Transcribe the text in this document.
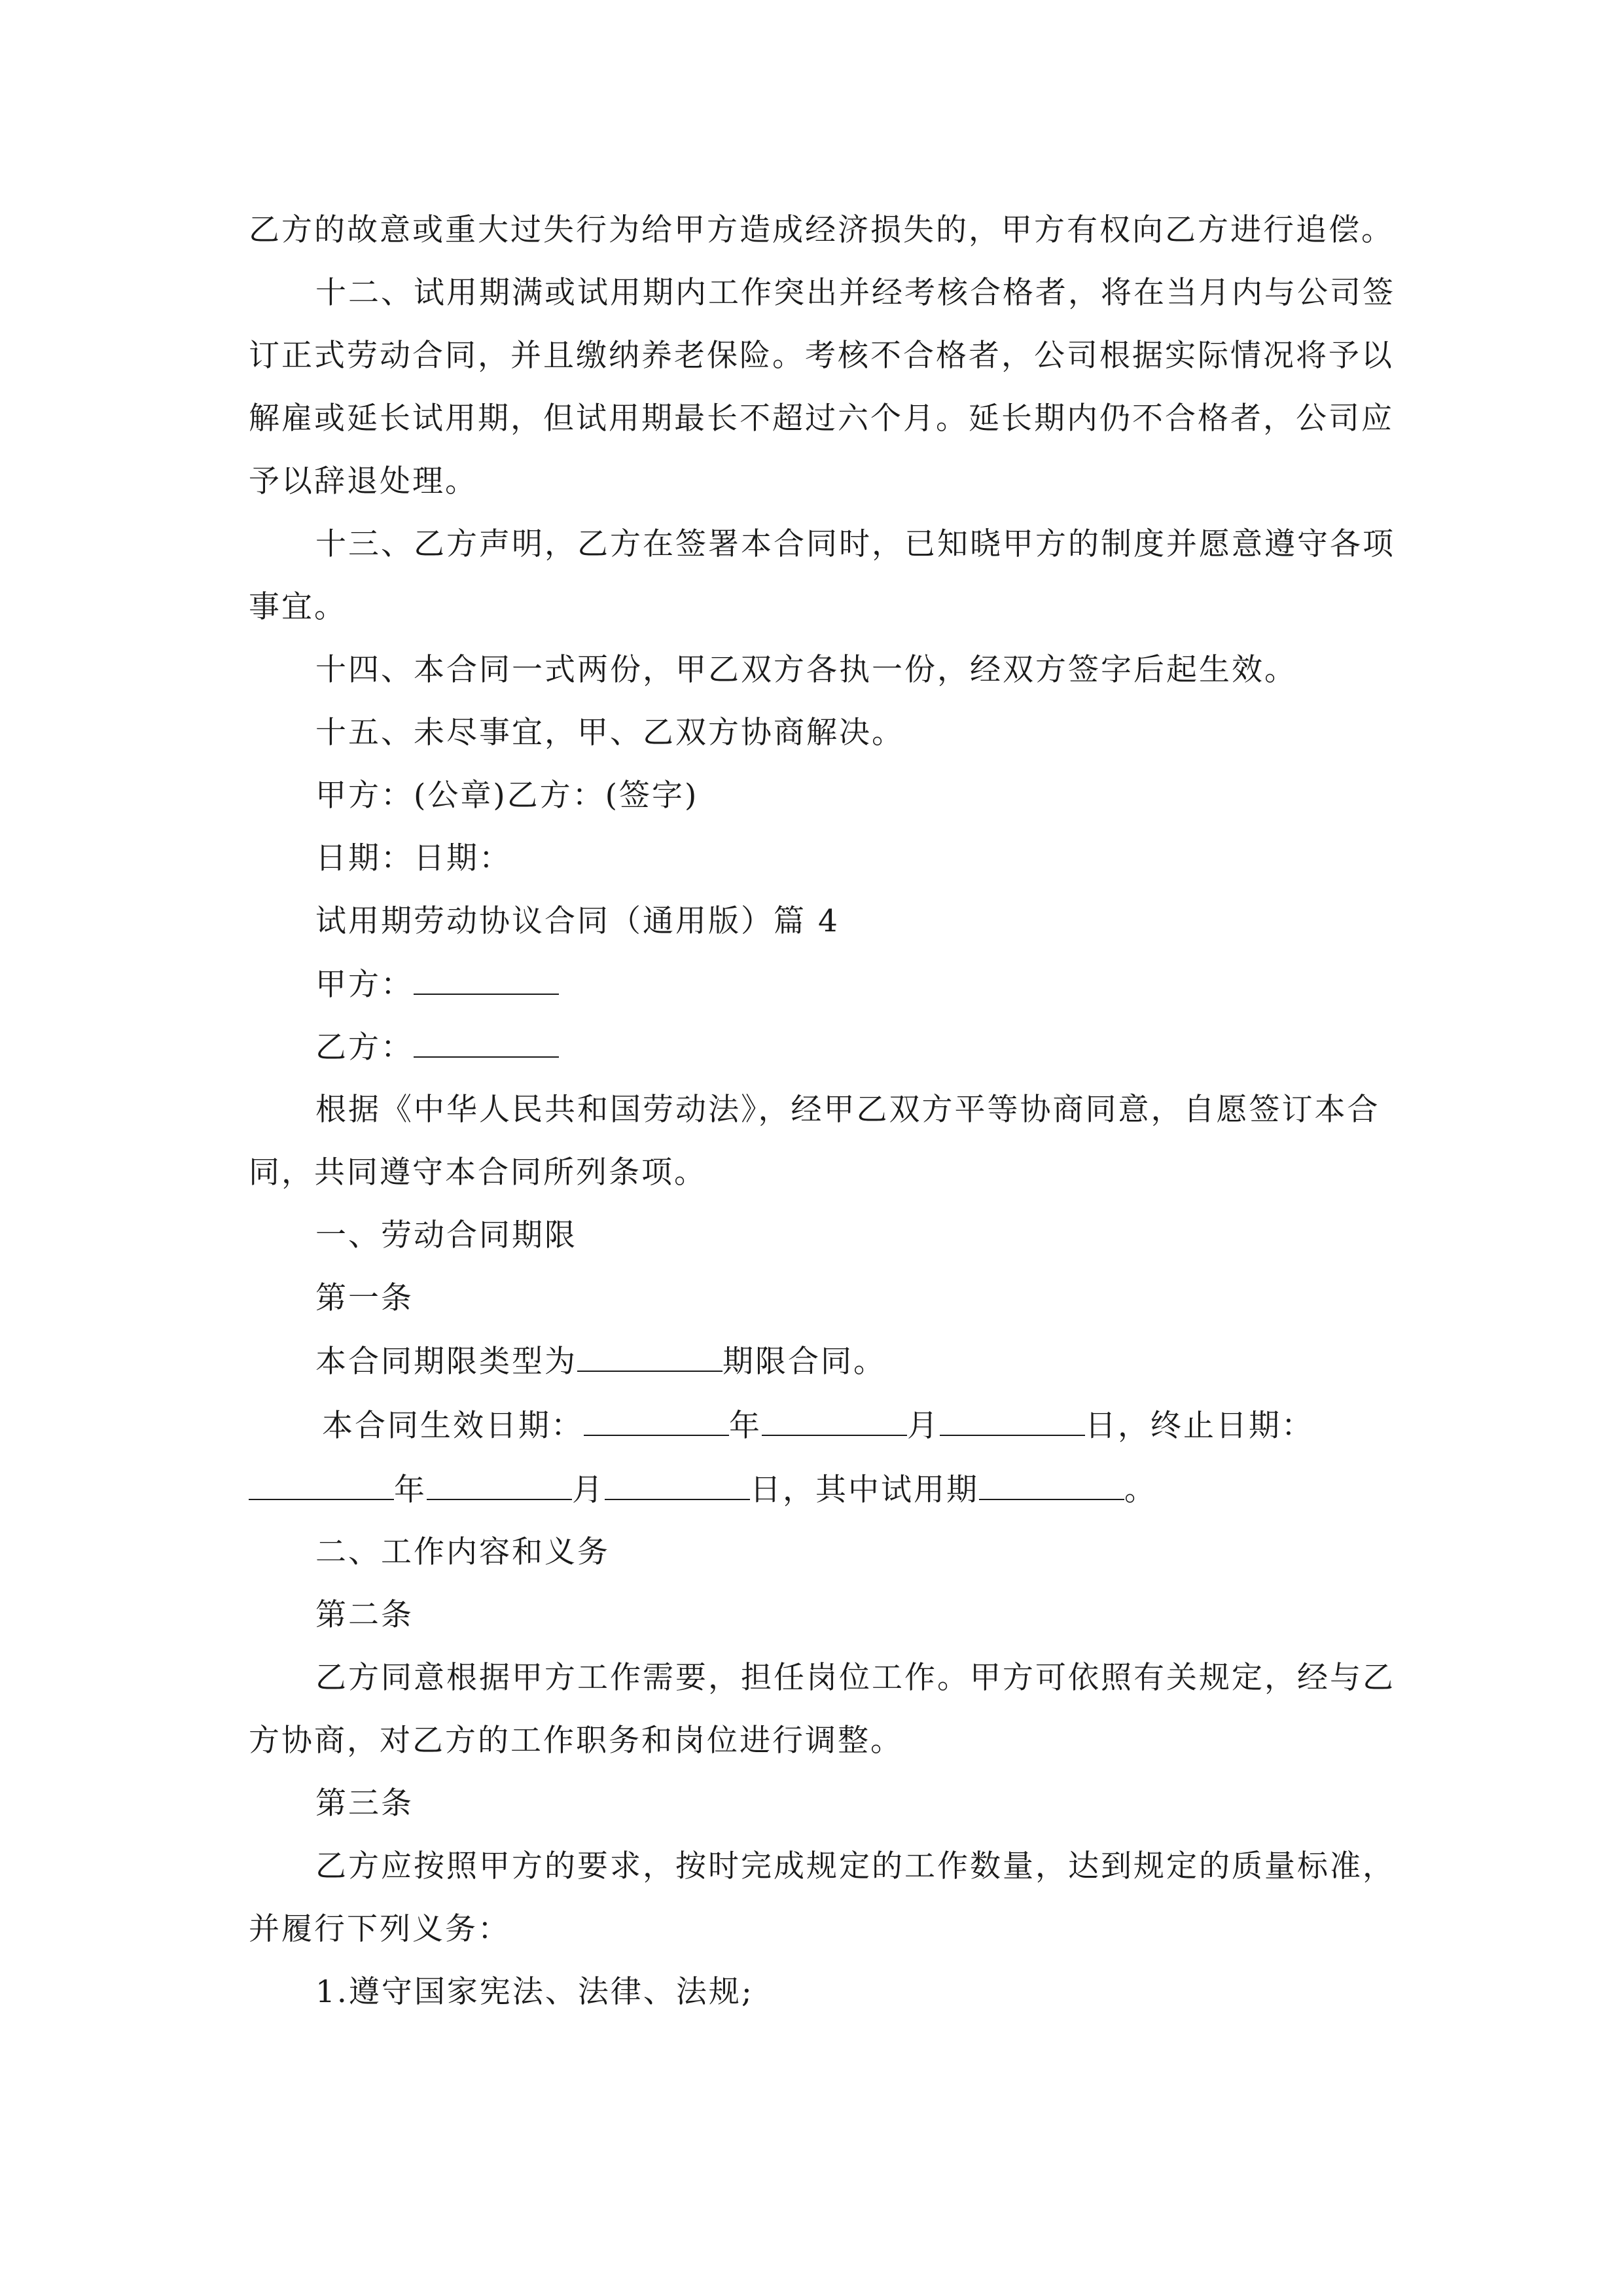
乙方的故意或重大过失行为给甲方造成经济损失的，甲方有权向乙方进行追偿。
十二、试用期满或试用期内工作突出并经考核合格者，将在当月内与公司签
订正式劳动合同，并且缴纳养老保险。考核不合格者，公司根据实际情况将予以
解雇或延长试用期，但试用期最长不超过六个月。延长期内仍不合格者，公司应
予以辞退处理。
十三、乙方声明，乙方在签署本合同时，已知晓甲方的制度并愿意遵守各项
事宜。
十四、本合同一式两份，甲乙双方各执一份，经双方签字后起生效。
十五、未尽事宜，甲、乙双方协商解决。
甲方：(公章)乙方：(签字)
日期：日期：
试用期劳动协议合同（通用版）篇 4
甲方：
乙方：
根据《中华人民共和国劳动法》，经甲乙双方平等协商同意，自愿签订本合
同，共同遵守本合同所列条项。
一、劳动合同期限
第一条
本合同期限类型为	期限合同。
本合同生效日期：	年	月	日，终止日期：
年	月	日，其中试用期	。
二、工作内容和义务
第二条
乙方同意根据甲方工作需要，担任岗位工作。甲方可依照有关规定，经与乙
方协商，对乙方的工作职务和岗位进行调整。
第三条
乙方应按照甲方的要求，按时完成规定的工作数量，达到规定的质量标准，
并履行下列义务：
1.遵守国家宪法、法律、法规;
